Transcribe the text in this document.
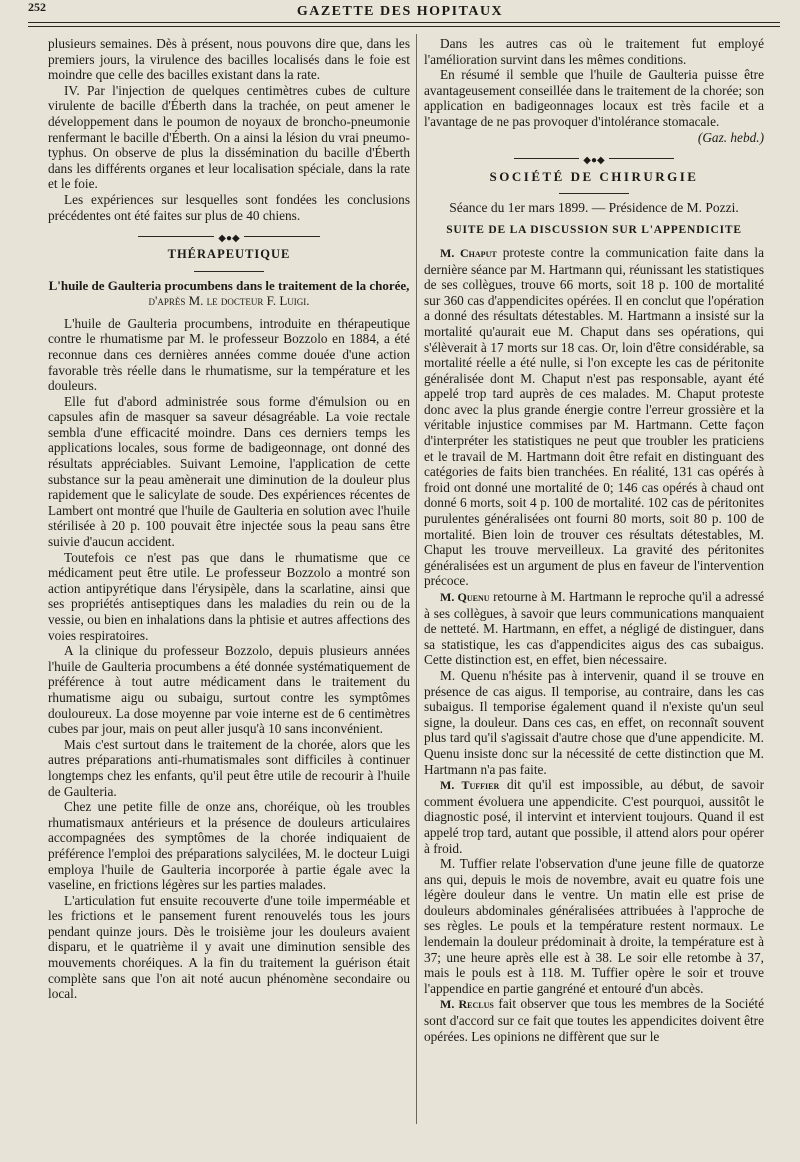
252	GAZETTE DES HOPITAUX

plusieurs semaines. Dès à présent, nous pouvons dire que, dans les premiers jours, la virulence des bacilles localisés dans le foie est moindre que celle des bacilles existant dans la rate.

IV. Par l'injection de quelques centimètres cubes de culture virulente de bacille d'Éberth dans la trachée, on peut amener le développement dans le poumon de noyaux de broncho-pneumonie renfermant le bacille d'Éberth. On a ainsi la lésion du vrai pneumo-typhus. On observe de plus la dissémination du bacille d'Éberth dans les différents organes et leur localisation spéciale, dans la rate et le foie.

Les expériences sur lesquelles sont fondées les conclusions précédentes ont été faites sur plus de 40 chiens.

◆●◆
THÉRAPEUTIQUE
L'huile de Gaulteria procumbens dans le traitement de la chorée, d'après M. le docteur F. Luigi.

L'huile de Gaulteria procumbens, introduite en thérapeutique contre le rhumatisme par M. le professeur Bozzolo en 1884, a été reconnue dans ces dernières années comme douée d'une action favorable très réelle dans le rhumatisme, sur la température et les douleurs.

Elle fut d'abord administrée sous forme d'émulsion ou en capsules afin de masquer sa saveur désagréable. La voie rectale sembla d'une efficacité moindre. Dans ces derniers temps les applications locales, sous forme de badigeonnage, ont donné des résultats appréciables. Suivant Lemoine, l'application de cette substance sur la peau amènerait une diminution de la douleur plus rapidement que le salicylate de soude. Des expériences récentes de Lambert ont montré que l'huile de Gaulteria en solution avec l'huile stérilisée à 20 p. 100 pouvait être injectée sous la peau sans être suivie d'aucun accident.

Toutefois ce n'est pas que dans le rhumatisme que ce médicament peut être utile. Le professeur Bozzolo a montré son action antipyrétique dans l'érysipèle, dans la scarlatine, ainsi que ses propriétés antiseptiques dans les maladies du rein ou de la vessie, ou bien en inhalations dans la phtisie et autres affections des voies respiratoires.

A la clinique du professeur Bozzolo, depuis plusieurs années l'huile de Gaulteria procumbens a été donnée systématiquement de préférence à tout autre médicament dans le traitement du rhumatisme aigu ou subaigu, surtout contre les symptômes douloureux. La dose moyenne par voie interne est de 6 centimètres cubes par jour, mais on peut aller jusqu'à 10 sans inconvénient.

Mais c'est surtout dans le traitement de la chorée, alors que les autres préparations anti-rhumatismales sont difficiles à continuer longtemps chez les enfants, qu'il peut être utile de recourir à l'huile de Gaulteria.

Chez une petite fille de onze ans, choréique, où les troubles rhumatismaux antérieurs et la présence de douleurs articulaires accompagnées des symptômes de la chorée indiquaient de préférence l'emploi des préparations salycilées, M. le docteur Luigi employa l'huile de Gaulteria incorporée à partie égale avec la vaseline, en frictions légères sur les parties malades.

L'articulation fut ensuite recouverte d'une toile imperméable et les frictions et le pansement furent renouvelés tous les jours pendant quinze jours. Dès le troisième jour les douleurs avaient disparu, et le quatrième il y avait une diminution sensible des mouvements choréiques. A la fin du traitement la guérison était complète sans que l'on ait noté aucun phénomène secondaire ou local.

Dans les autres cas où le traitement fut employé l'amélioration survint dans les mêmes conditions.

En résumé il semble que l'huile de Gaulteria puisse être avantageusement conseillée dans le traitement de la chorée; son application en badigeonnages locaux est très facile et a l'avantage de ne pas provoquer d'intolérance stomacale.

(Gaz. hebd.)
◆●◆
SOCIÉTÉ DE CHIRURGIE
Séance du 1er mars 1899. — Présidence de M. Pozzi.
SUITE DE LA DISCUSSION SUR L'APPENDICITE

M. Chaput proteste contre la communication faite dans la dernière séance par M. Hartmann qui, réunissant les statistiques de ses collègues, trouve 66 morts, soit 18 p. 100 de mortalité sur 360 cas d'appendicites opérées. Il en conclut que l'opération a donné des résultats détestables. M. Hartmann a insisté sur la mortalité qu'aurait eue M. Chaput dans ses opérations, qui s'élèverait à 17 morts sur 18 cas. Or, loin d'être considérable, sa mortalité réelle a été nulle, si l'on excepte les cas de péritonite généralisée dont M. Chaput n'est pas responsable, ayant été appelé trop tard auprès de ces malades. M. Chaput proteste donc avec la plus grande énergie contre l'erreur grossière et la véritable injustice commises par M. Hartmann. Cette façon d'interpréter les statistiques ne peut que troubler les praticiens et le travail de M. Hartmann doit être refait en distinguant des catégories de faits bien tranchées. En réalité, 131 cas opérés à froid ont donné une mortalité de 0; 146 cas opérés à chaud ont donné 6 morts, soit 4 p. 100 de mortalité. 102 cas de péritonites purulentes généralisées ont fourni 80 morts, soit 80 p. 100 de mortalité. Bien loin de trouver ces résultats détestables, M. Chaput les trouve merveilleux. La gravité des péritonites généralisées est un argument de plus en faveur de l'intervention précoce.

M. Quenu retourne à M. Hartmann le reproche qu'il a adressé à ses collègues, à savoir que leurs communications manquaient de netteté. M. Hartmann, en effet, a négligé de distinguer, dans sa statistique, les cas d'appendicites aigus des cas subaigus. Cette distinction est, en effet, bien nécessaire.

M. Quenu n'hésite pas à intervenir, quand il se trouve en présence de cas aigus. Il temporise, au contraire, dans les cas subaigus. Il temporise également quand il n'existe qu'un seul signe, la douleur. Dans ces cas, en effet, on reconnaît souvent plus tard qu'il s'agissait d'autre chose que d'une appendicite. M. Quenu insiste donc sur la nécessité de cette distinction que M. Hartmann n'a pas faite.

M. Tuffier dit qu'il est impossible, au début, de savoir comment évoluera une appendicite. C'est pourquoi, aussitôt le diagnostic posé, il intervint et intervient toujours. Quand il est appelé trop tard, autant que possible, il attend alors pour opérer à froid.

M. Tuffier relate l'observation d'une jeune fille de quatorze ans qui, depuis le mois de novembre, avait eu quatre fois une légère douleur dans le ventre. Un matin elle est prise de douleurs abdominales généralisées attribuées à l'approche de ses règles. Le pouls et la température restent normaux. Le lendemain la douleur prédominait à droite, la température est à 37; une heure après elle est à 38. Le soir elle retombe à 37, mais le pouls est à 118. M. Tuffier opère le soir et trouve l'appendice en partie gangréné et entouré d'un abcès.

M. Reclus fait observer que tous les membres de la Société sont d'accord sur ce fait que toutes les appendicites doivent être opérées. Les opinions ne diffèrent que sur le
